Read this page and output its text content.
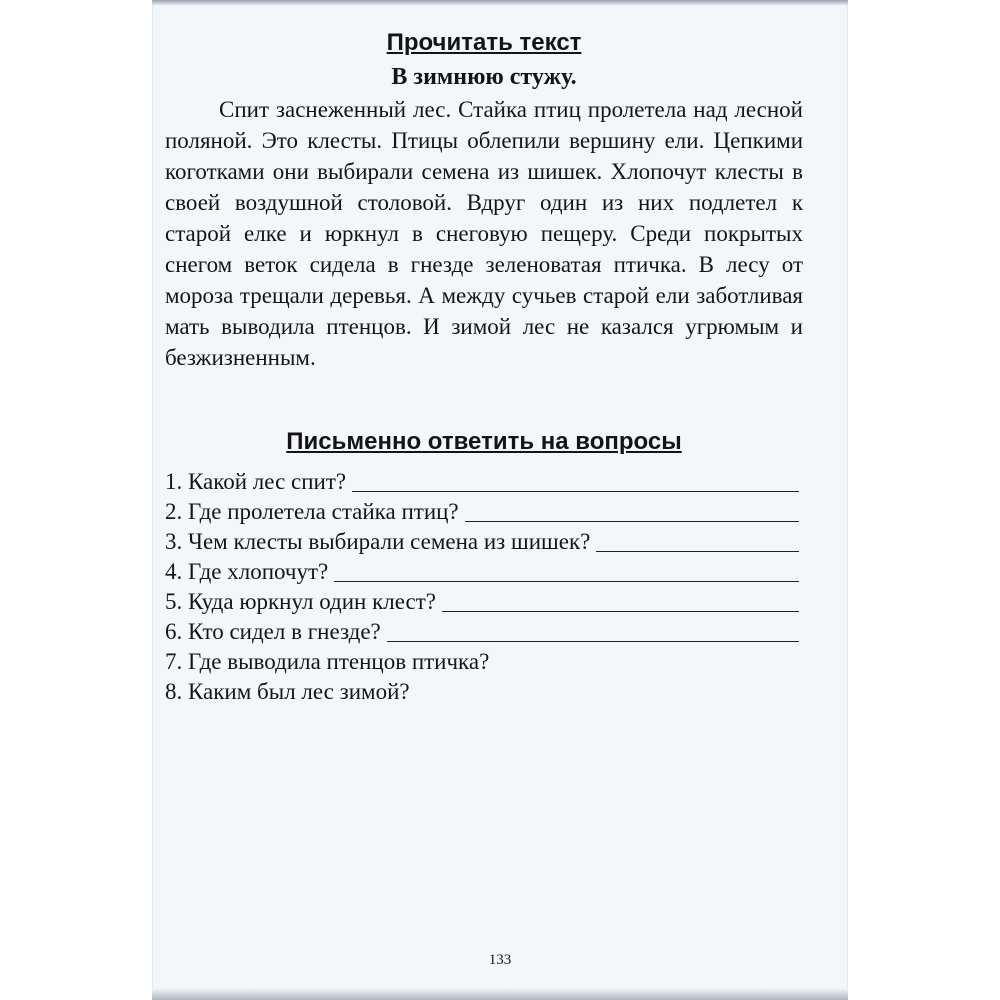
Прочитать текст
В зимнюю стужу.

Спит заснеженный лес. Стайка птиц пролетела над лесной поляной. Это клесты. Птицы облепили вершину ели. Цепкими коготками они выбирали семена из шишек. Хлопочут клесты в своей воздушной столовой. Вдруг один из них подлетел к старой елке и юркнул в снеговую пещеру. Среди покрытых снегом веток сидела в гнезде зеленоватая птичка. В лесу от мороза трещали деревья. А между сучьев старой ели заботливая мать выводила птенцов. И зимой лес не казался угрюмым и безжизненным.

Письменно ответить на вопросы
1. Какой лес спит?
2. Где пролетела стайка птиц?
3. Чем клесты выбирали семена из шишек?
4. Где хлопочут?
5. Куда юркнул один клест?
6. Кто сидел в гнезде?
7. Где выводила птенцов птичка?
8. Каким был лес зимой?
133
